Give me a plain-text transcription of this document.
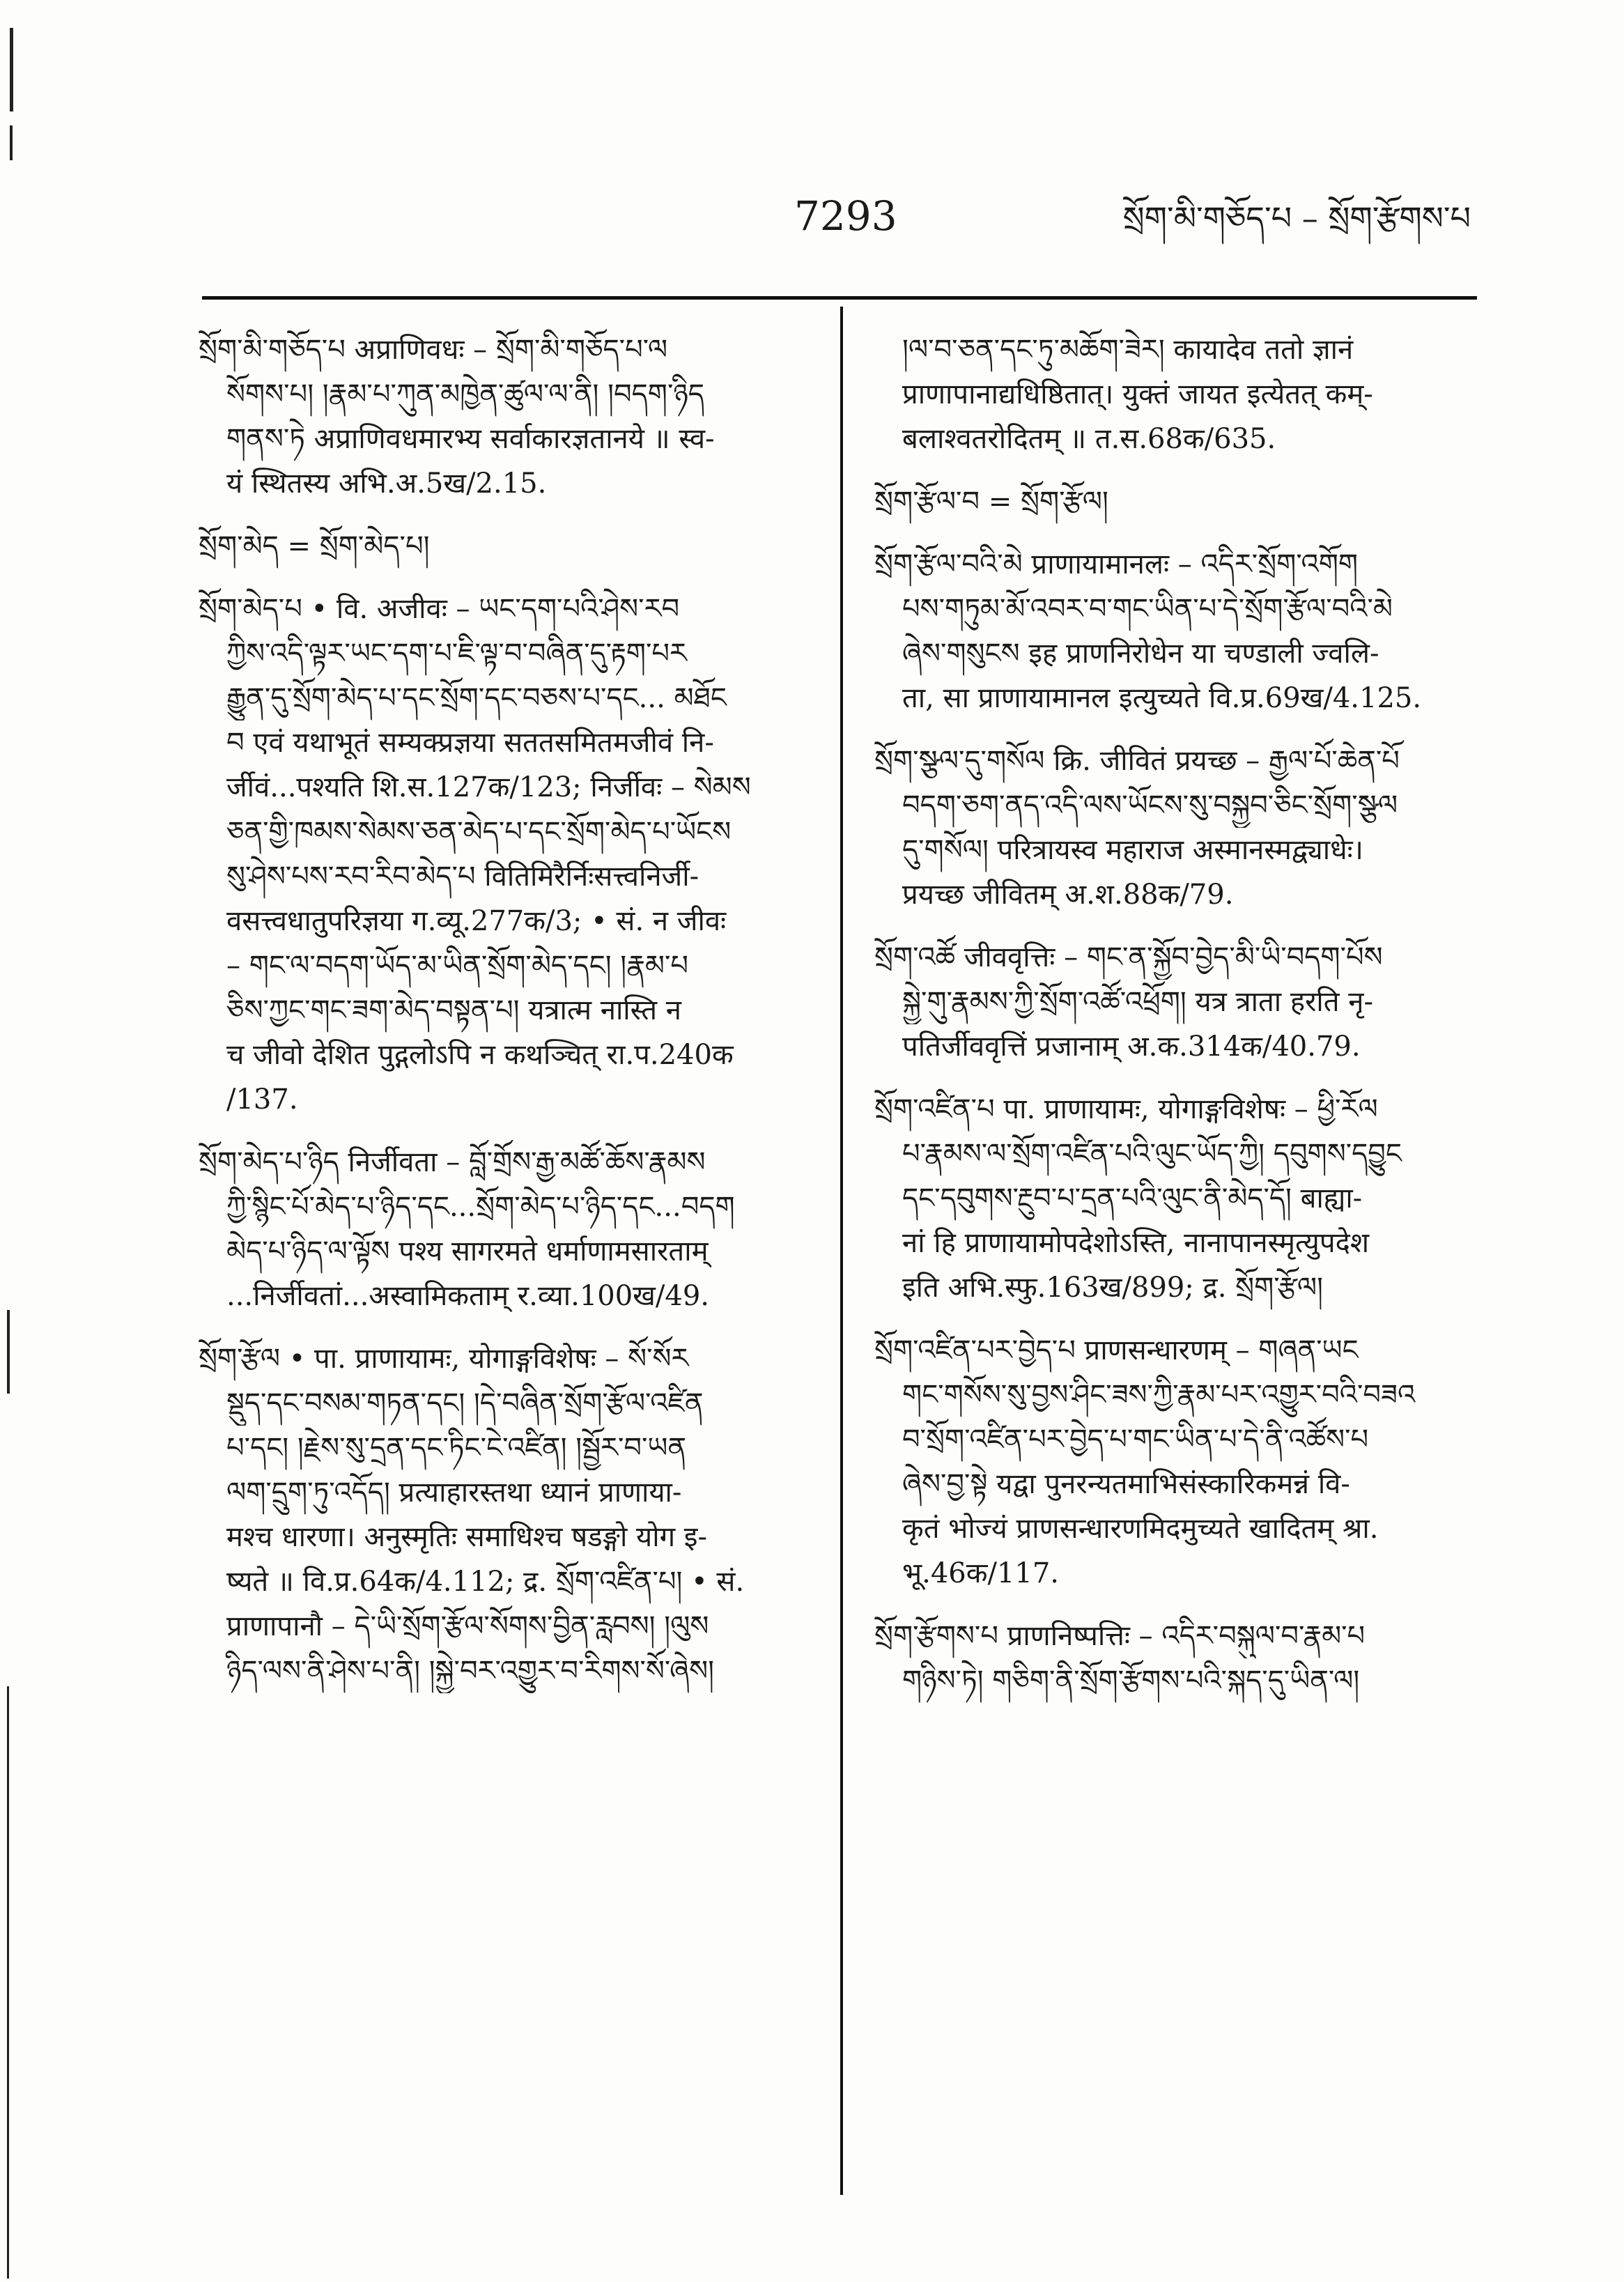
7293	སྲོག་མི་གཅོད་པ – སྲོག་རྩོགས་པ
སྲོག་མི་གཅོད་པ अप्राणिवधः – སྲོག་མི་གཅོད་པ་ལ
སོགས་པ། །རྣམ་པ་ཀུན་མཁྱེན་ཚུལ་ལ་ནི། །བདག་ཉིད
གནས་ཏེ अप्राणिवधमारभ्य सर्वाकारज्ञतानये ॥ स्व-
यं स्थितस्य अभि.अ.5ख/2.15.
སྲོག་མེད = སྲོག་མེད་པ།
སྲོག་མེད་པ • वि. अजीवः – ཡང་དག་པའི་ཤེས་རབ
ཀྱིས་འདི་ལྟར་ཡང་དག་པ་ཇི་ལྟ་བ་བཞིན་དུ་རྟག་པར
རྒྱུན་དུ་སྲོག་མེད་པ་དང་སྲོག་དང་བཅས་པ་དང... མཐོང
བ एवं यथाभूतं सम्यक्प्रज्ञया सततसमितमजीवं नि-
र्जीवं...पश्यति शि.स.127क/123; निर्जीवः – སེམས
ཅན་གྱི་ཁམས་སེམས་ཅན་མེད་པ་དང་སྲོག་མེད་པ་ཡོངས
སུ་ཤེས་པས་རབ་རིབ་མེད་པ वितिमिरैर्निःसत्त्वनिर्जी-
वसत्त्वधातुपरिज्ञया ग.व्यू.277क/3; • सं. न जीवः
– གང་ལ་བདག་ཡོད་མ་ཡིན་སྲོག་མེད་དང། །རྣམ་པ
ཅིས་ཀྱང་གང་ཟག་མེད་བསྟན་པ། यत्रात्म नास्ति न
च जीवो देशित पुद्गलोऽपि न कथञ्चित् रा.प.240क
/137.
སྲོག་མེད་པ་ཉིད निर्जीवता – བློ་གྲོས་རྒྱ་མཚོ་ཆོས་རྣམས
ཀྱི་སྙིང་པོ་མེད་པ་ཉིད་དང...སྲོག་མེད་པ་ཉིད་དང...བདག
མེད་པ་ཉིད་ལ་ལྟོས पश्य सागरमते धर्माणामसारताम्
...निर्जीवतां...अस्वामिकताम् र.व्या.100ख/49.
སྲོག་རྩོལ • पा. प्राणायामः, योगाङ्गविशेषः – སོ་སོར
སྡུད་དང་བསམ་གཏན་དང། །དེ་བཞིན་སྲོག་རྩོལ་འཛིན
པ་དང། །རྗེས་སུ་དྲན་དང་ཏིང་ངེ་འཛིན། །སྦྱོར་བ་ཡན
ལག་དྲུག་ཏུ་འདོད། प्रत्याहारस्तथा ध्यानं प्राणाया-
मश्च धारणा। अनुस्मृतिः समाधिश्च षडङ्गो योग इ-
ष्यते ॥ वि.प्र.64क/4.112; द्र. སྲོག་འཛིན་པ། • सं.
प्राणापानौ – དེ་ཡི་སྲོག་རྩོལ་སོགས་བྱིན་རླབས། །ལུས
ཉིད་ལས་ནི་ཤེས་པ་ནི། །སྐྱེ་བར་འགྱུར་བ་རིགས་སོ་ཞེས།
།ལ་བ་ཅན་དང་ཏུ་མཆོག་ཟེར། कायादेव ततो ज्ञानं
प्राणापानाद्यधिष्ठितात्। युक्तं जायत इत्येतत् कम्-
बलाश्वतरोदितम् ॥ त.स.68क/635.
སྲོག་རྩོལ་བ = སྲོག་རྩོལ།
སྲོག་རྩོལ་བའི་མེ प्राणायामानलः – འདིར་སྲོག་འགོག
པས་གཏུམ་མོ་འབར་བ་གང་ཡིན་པ་དེ་སྲོག་རྩོལ་བའི་མེ
ཞེས་གསུངས इह प्राणनिरोधेन या चण्डाली ज्वलि-
ता, सा प्राणायामानल इत्युच्यते वि.प्र.69ख/4.125.
སྲོག་སྩལ་དུ་གསོལ क्रि. जीवितं प्रयच्छ – རྒྱལ་པོ་ཆེན་པོ
བདག་ཅག་ནད་འདི་ལས་ཡོངས་སུ་བསྐྱབ་ཅིང་སྲོག་སྩལ
དུ་གསོལ། परित्रायस्व महाराज अस्मानस्मद्व्याधेः।
प्रयच्छ जीवितम् अ.श.88क/79.
སྲོག་འཚོ जीववृत्तिः – གང་ན་སྐྱོབ་བྱེད་མི་ཡི་བདག་པོས
སྐྱེ་གུ་རྣམས་ཀྱི་སྲོག་འཚོ་འཕྲོག། यत्र त्राता हरति नृ-
पतिर्जीववृत्तिं प्रजानाम् अ.क.314क/40.79.
སྲོག་འཛིན་པ पा. प्राणायामः, योगाङ्गविशेषः – ཕྱི་རོལ
པ་རྣམས་ལ་སྲོག་འཛིན་པའི་ལུང་ཡོད་ཀྱི། དབུགས་དབྱུང
དང་དབུགས་རྔུབ་པ་དྲན་པའི་ལུང་ནི་མེད་དོ། बाह्या-
नां हि प्राणायामोपदेशोऽस्ति, नानापानस्मृत्युपदेश
इति अभि.स्फु.163ख/899; द्र. སྲོག་རྩོལ།
སྲོག་འཛིན་པར་བྱེད་པ प्राणसन्धारणम् – གཞན་ཡང
གང་གསོས་སུ་བྱས་ཤིང་ཟས་ཀྱི་རྣམ་པར་འགྱུར་བའི་བཟའ
བ་སྲོག་འཛིན་པར་བྱེད་པ་གང་ཡིན་པ་དེ་ནི་འཚོས་པ
ཞེས་བྱ་སྟེ यद्वा पुनरन्यतमाभिसंस्कारिकमन्नं वि-
कृतं भोज्यं प्राणसन्धारणमिदमुच्यते खादितम् श्रा.
भू.46क/117.
སྲོག་རྩོགས་པ प्राणनिष्पत्तिः – འདིར་བསྐུལ་བ་རྣམ་པ
གཉིས་ཏེ། གཅིག་ནི་སྲོག་རྩོགས་པའི་སྐད་དུ་ཡིན་ལ།
